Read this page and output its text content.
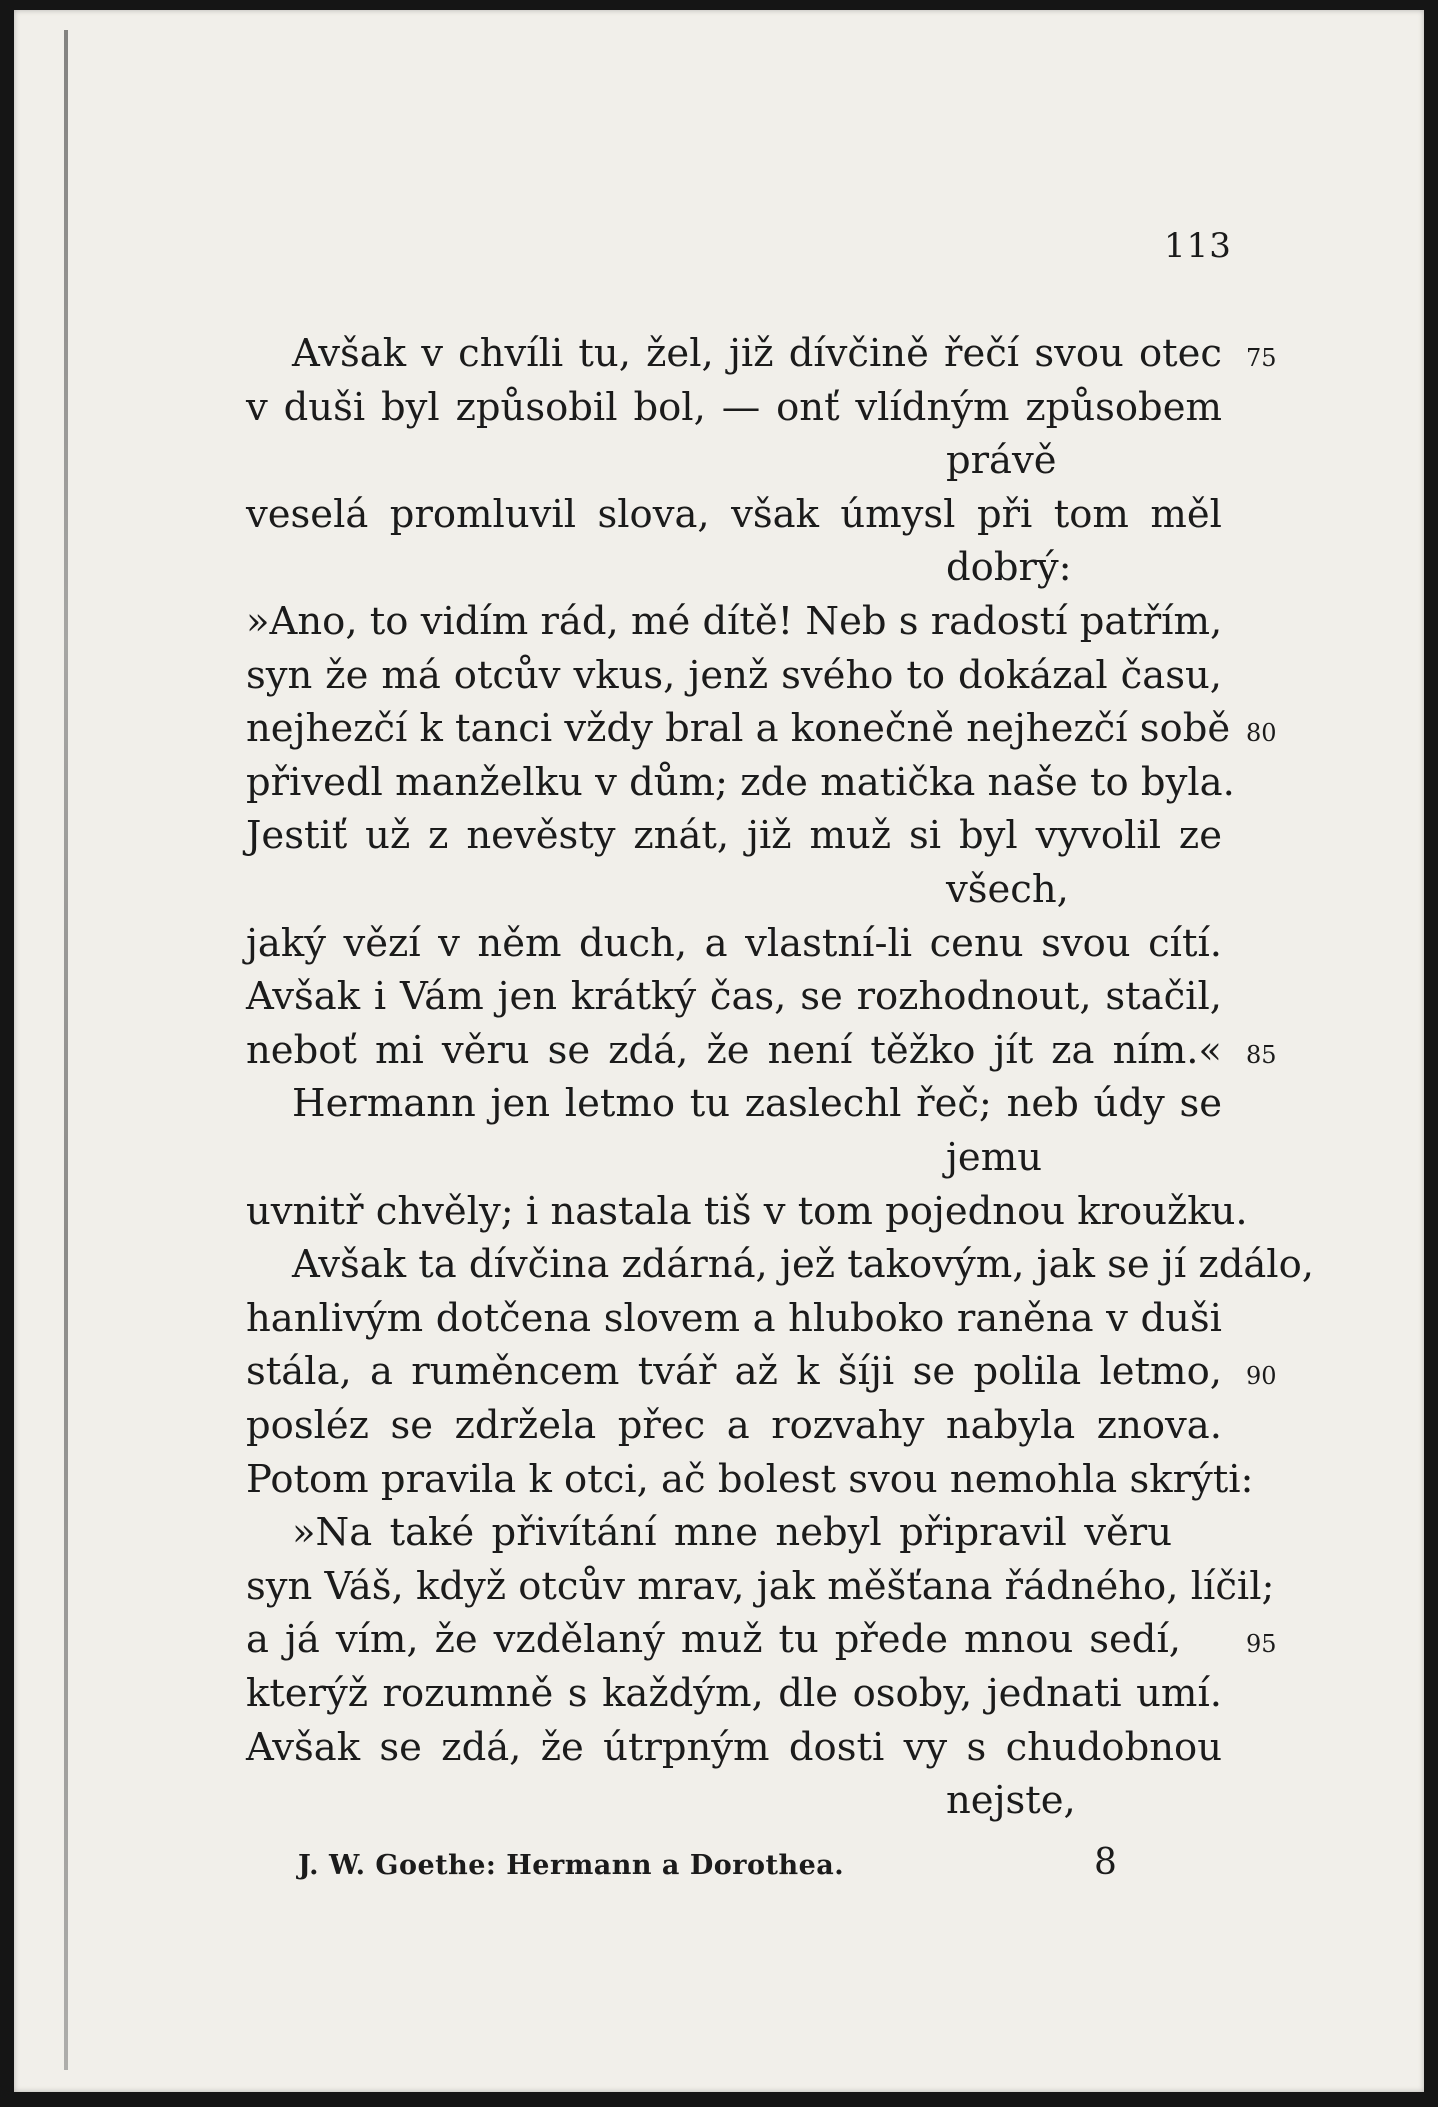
113
Avšak v chvíli tu, žel, již dívčině řečí svou otec 75
v duši byl způsobil bol, — onť vlídným způsobem
právě
veselá promluvil slova, však úmysl při tom měl
dobrý:
»Ano, to vidím rád, mé dítě! Neb s radostí patřím,
syn že má otcův vkus, jenž svého to dokázal času,
nejhezčí k tanci vždy bral a konečně nejhezčí sobě 80
přivedl manželku v dům; zde matička naše to byla.
Jestiť už z nevěsty znát, již muž si byl vyvolil ze
všech,
jaký vězí v něm duch, a vlastní-li cenu svou cítí.
Avšak i Vám jen krátký čas, se rozhodnout, stačil,
neboť mi věru se zdá, že není těžko jít za ním.« 85
Hermann jen letmo tu zaslechl řeč; neb údy se
jemu
uvnitř chvěly; i nastala tiš v tom pojednou kroužku.
Avšak ta dívčina zdárná, jež takovým, jak se jí zdálo,
hanlivým dotčena slovem a hluboko raněna v duši
stála, a ruměncem tvář až k šíji se polila letmo, 90
posléz se zdržela přec a rozvahy nabyla znova.
Potom pravila k otci, ač bolest svou nemohla skrýti:
»Na také přivítání mne nebyl připravil věru
syn Váš, když otcův mrav, jak měšťana řádného, líčil;
a já vím, že vzdělaný muž tu přede mnou sedí,	95
kterýž rozumně s každým, dle osoby, jednati umí.
Avšak se zdá, že útrpným dosti vy s chudobnou
nejste,
J. W. Goethe: Hermann a Dorothea.	8
